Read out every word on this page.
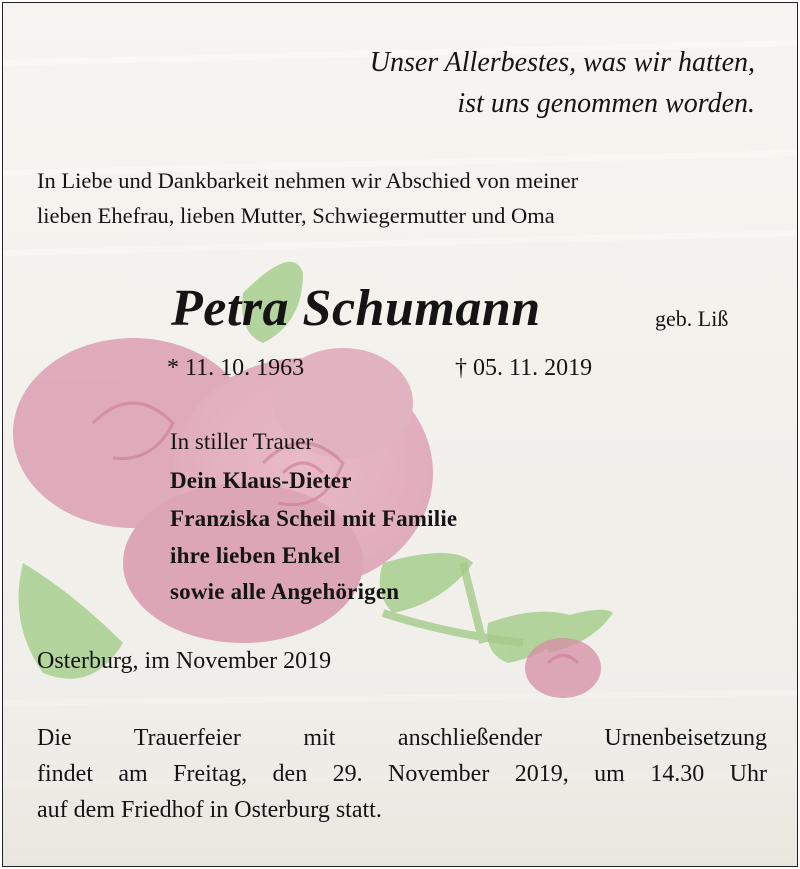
Unser Allerbestes, was wir hatten,
ist uns genommen worden.
In Liebe und Dankbarkeit nehmen wir Abschied von meiner
lieben Ehefrau, lieben Mutter, Schwiegermutter und Oma
Petra Schumann	geb. Liß
* 11. 10. 1963	† 05. 11. 2019
In stiller Trauer
Dein Klaus-Dieter
Franziska Scheil mit Familie
ihre lieben Enkel
sowie alle Angehörigen
Osterburg, im November 2019
Die Trauerfeier mit anschließender Urnenbeisetzung
findet am Freitag, den 29. November 2019, um 14.30 Uhr
auf dem Friedhof in Osterburg statt.
